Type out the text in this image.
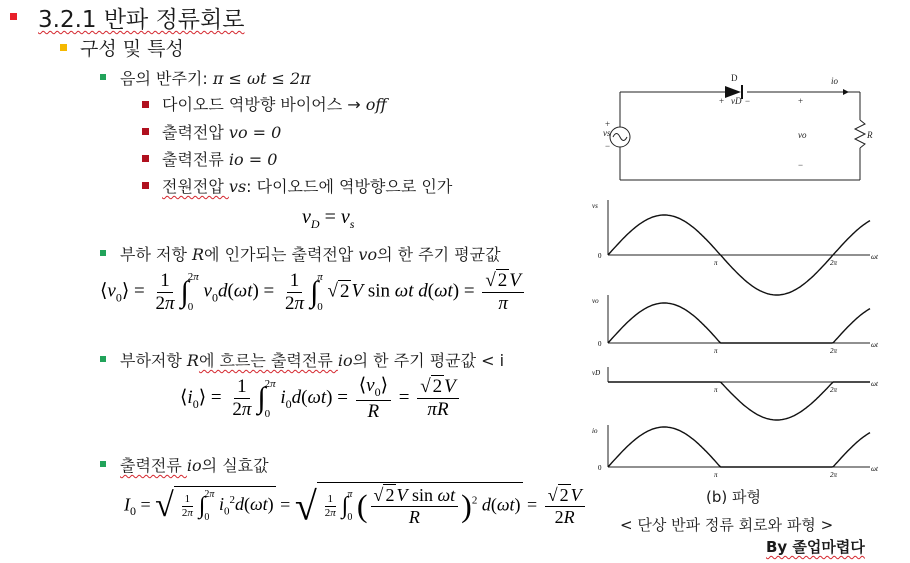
3.2.1 반파 정류회로
구성 및 특성
음의 반주기: π ≤ ωt ≤ 2π
다이오드 역방향 바이어스 → off
출력전압 vo = 0
출력전류 io = 0
전원전압 vs: 다이오드에 역방향으로 인가
$v_D = v_s$
부하 저항 R에 인가되는 출력전압 vo의 한 주기 평균값
$⟨v_0⟩ = \frac{1}{2\pi}$ ∫ 2π
0
$v_0d(\omega t) = \frac{1}{2\pi}$ ∫ π
0
√ 2 V sin ωt $d(\omega t) = \frac{√ 2 V}{\pi}$
부하저항 R에 흐르는 출력전류 io의 한 주기 평균값 < i
$⟨i_0⟩ = \frac{1}{2\pi}$ ∫ 2π
0
$i_0d(\omega t) = \frac{⟨v_0⟩}{R} = \frac{√ 2 V}{\pi R}$
출력전류 io의 실효값
$I_0$ = √ $\frac{1}{2\pi}$ ∫ 2π
0
$i_0^2d(\omega t)$ = √ $\frac{1}{2\pi}$ ∫ π
0 ( $\frac{\text{√ 2 V sin ωt}}{R} )^2$ $d(\omega t) = \frac{√ 2 V}{2R}$
D
+ vD −
io
+
vs
−
+
vo
−
R
vs
0
π	2π
ωt
vo
0
π	2π
ωt
vD
π	2π
ωt
io
0
π	2π
ωt
(b) 파형
< 단상 반파 정류 회로와 파형 >
By 졸업마렵다
